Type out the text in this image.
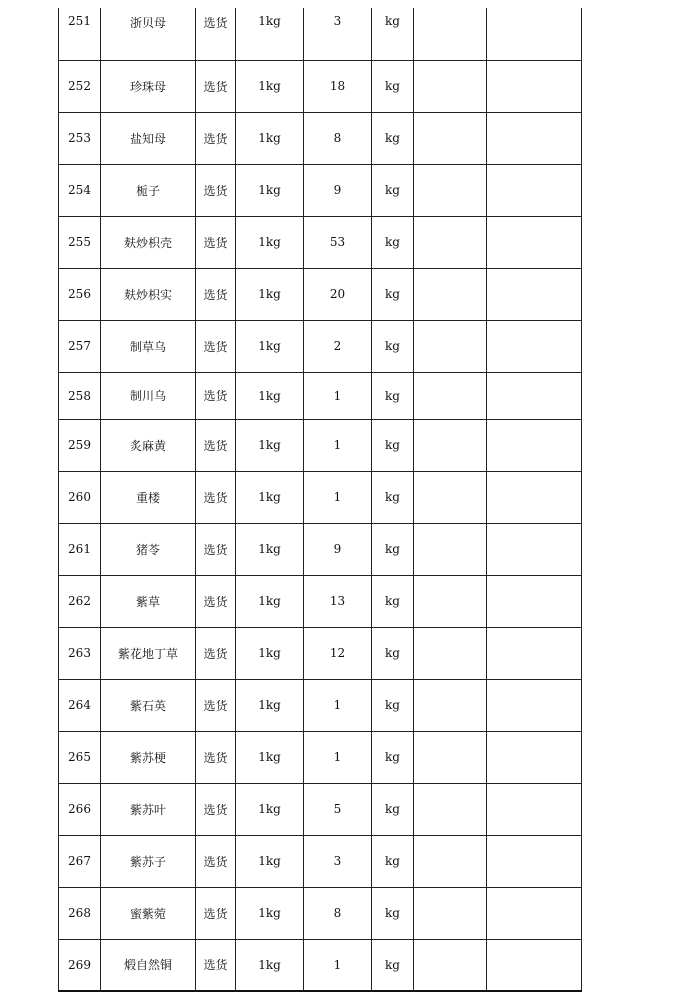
251	浙贝母	选货	1kg	3	kg		
252	珍珠母	选货	1kg	18	kg		
253	盐知母	选货	1kg	8	kg		
254	栀子	选货	1kg	9	kg		
255	麸炒枳壳	选货	1kg	53	kg		
256	麸炒枳实	选货	1kg	20	kg		
257	制草乌	选货	1kg	2	kg		
258	制川乌	选货	1kg	1	kg		
259	炙麻黄	选货	1kg	1	kg		
260	重楼	选货	1kg	1	kg		
261	猪苓	选货	1kg	9	kg		
262	紫草	选货	1kg	13	kg		
263	紫花地丁草	选货	1kg	12	kg		
264	紫石英	选货	1kg	1	kg		
265	紫苏梗	选货	1kg	1	kg		
266	紫苏叶	选货	1kg	5	kg		
267	紫苏子	选货	1kg	3	kg		
268	蜜紫菀	选货	1kg	8	kg		
269	煅自然铜	选货	1kg	1	kg		
